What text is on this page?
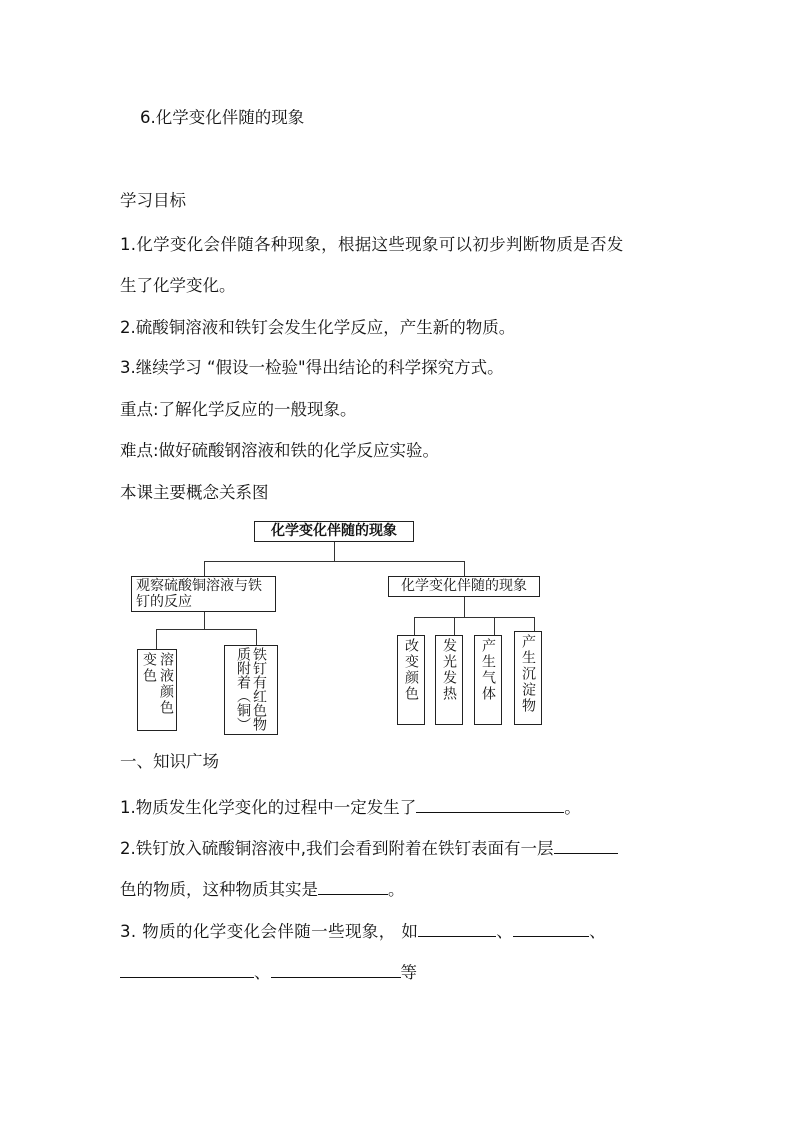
6.化学变化伴随的现象
学习目标
1.化学变化会伴随各种现象，根据这些现象可以初步判断物质是否发
生了化学变化。
2.硫酸铜溶液和铁钉会发生化学反应，产生新的物质。
3.继续学习 “假设一检验"得出结论的科学探究方式。
重点:了解化学反应的一般现象。
难点:做好硫酸钢溶液和铁的化学反应实验。
本课主要概念关系图
化学变化伴随的现象
观察硫酸铜溶液与铁钉的反应
化学变化伴随的现象
溶液颜色变色	铁钉有红色物质附着（铜）	改变颜色 发光发热 产生气体 产生沉淀物
一、知识广场
1.物质发生化学变化的过程中一定发生了	。
2.铁钉放入硫酸铜溶液中,我们会看到附着在铁钉表面有一层
色的物质，这种物质其实是	。
3. 物质的化学变化会伴随一些现象， 如	、	、
、	等
